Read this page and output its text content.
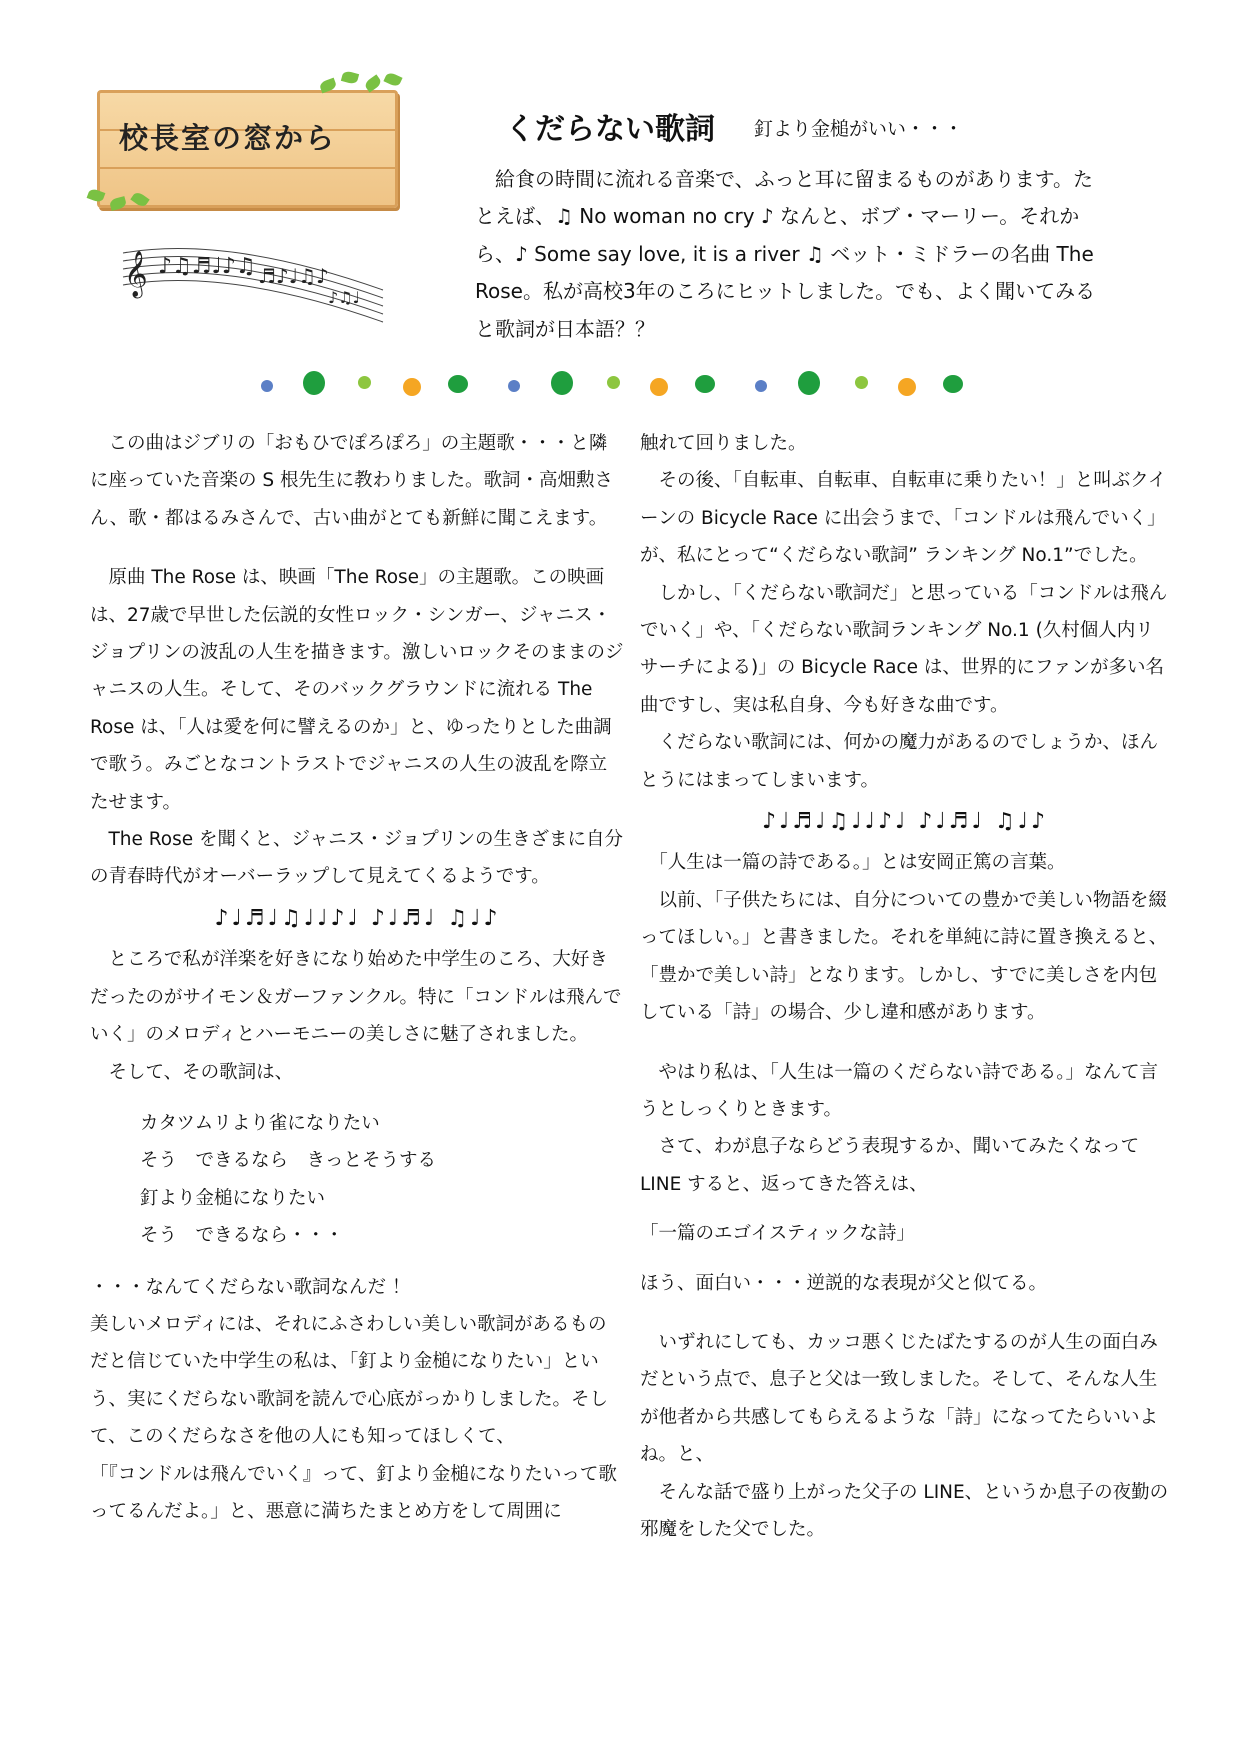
校長室の窓から
𝄞 ♪♫♬♩♪♫ ♬♪♩♫♪
♪♫♩
くだらない歌詞 釘より金槌がいい・・・
　給食の時間に流れる音楽で、ふっと耳に留まるものがあります。たとえば、♫ No woman no cry ♪ なんと、ボブ・マーリー。それから、♪ Some say love, it is a river ♫ ベット・ミドラーの名曲 The Rose。私が高校3年のころにヒットしました。でも、よく聞いてみると歌詞が日本語？？

　この曲はジブリの「おもひでぽろぽろ」の主題歌・・・と隣に座っていた音楽の S 根先生に教わりました。歌詞・高畑勲さん、歌・都はるみさんで、古い曲がとても新鮮に聞こえます。

　原曲 The Rose は、映画「The Rose」の主題歌。この映画は、27歳で早世した伝説的女性ロック・シンガー、ジャニス・ジョプリンの波乱の人生を描きます。激しいロックそのままのジャニスの人生。そして、そのバックグラウンドに流れる The Rose は、「人は愛を何に譬えるのか」と、ゆったりとした曲調で歌う。みごとなコントラストでジャニスの人生の波乱を際立たせます。

　The Rose を聞くと、ジャニス・ジョプリンの生きざまに自分の青春時代がオーバーラップして見えてくるようです。

♪♩♬♩♫♩♩♪♩ ♪♩♬♩ ♫♩♪

　ところで私が洋楽を好きになり始めた中学生のころ、大好きだったのがサイモン＆ガーファンクル。特に「コンドルは飛んでいく」のメロディとハーモニーの美しさに魅了されました。

　そして、その歌詞は、

カタツムリより雀になりたい

そう　できるなら　きっとそうする

釘より金槌になりたい

そう　できるなら・・・

・・・なんてくだらない歌詞なんだ ！

美しいメロディには、それにふさわしい美しい歌詞があるものだと信じていた中学生の私は、「釘より金槌になりたい」という、実にくだらない歌詞を読んで心底がっかりしました。そして、このくだらなさを他の人にも知ってほしくて、

「『コンドルは飛んでいく』って、釘より金槌になりたいって歌ってるんだよ。」と、悪意に満ちたまとめ方をして周囲に

触れて回りました。

　その後、「自転車、自転車、自転車に乗りたい！」と叫ぶクイーンの Bicycle Race に出会うまで、「コンドルは飛んでいく」が、私にとって“くだらない歌詞” ランキング No.1”でした。

　しかし、「くだらない歌詞だ」と思っている「コンドルは飛んでいく」や、「くだらない歌詞ランキング No.1 (久村個人内リサーチによる)」の Bicycle Race は、世界的にファンが多い名曲ですし、実は私自身、今も好きな曲です。

　くだらない歌詞には、何かの魔力があるのでしょうか、ほんとうにはまってしまいます。

♪♩♬♩♫♩♩♪♩ ♪♩♬♩ ♫♩♪

　「人生は一篇の詩である。」とは安岡正篤の言葉。

　以前、「子供たちには、自分についての豊かで美しい物語を綴ってほしい。」と書きました。それを単純に詩に置き換えると、「豊かで美しい詩」となります。しかし、すでに美しさを内包している「詩」の場合、少し違和感があります。

　やはり私は、「人生は一篇のくだらない詩である。」なんて言うとしっくりときます。

　さて、わが息子ならどう表現するか、聞いてみたくなって LINE すると、返ってきた答えは、

「一篇のエゴイスティックな詩」

ほう、面白い・・・逆説的な表現が父と似てる。

　いずれにしても、カッコ悪くじたばたするのが人生の面白みだという点で、息子と父は一致しました。そして、そんな人生が他者から共感してもらえるような「詩」になってたらいいよね。と、

　そんな話で盛り上がった父子の LINE、というか息子の夜勤の邪魔をした父でした。
